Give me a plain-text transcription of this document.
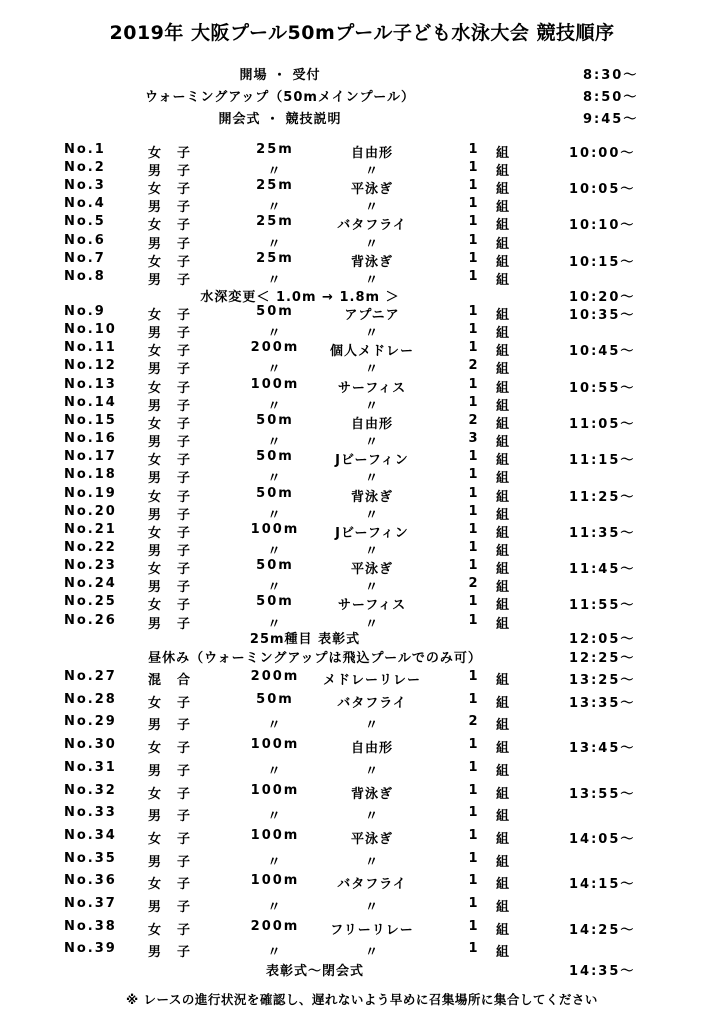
2019年 大阪プール50mプール子ども水泳大会 競技順序
開場 ・ 受付	8:30～
ウォーミングアップ（50mメインプール）	8:50～
開会式 ・ 競技説明	9:45～
No.1	女子	25m	自由形	1 組	10:00～
No.2	男子	〃	〃	1 組
No.3	女子	25m	平泳ぎ	1 組	10:05～
No.4	男子	〃	〃	1 組
No.5	女子	25m	バタフライ	1 組	10:10～
No.6	男子	〃	〃	1 組
No.7	女子	25m	背泳ぎ	1 組	10:15～
No.8	男子	〃	〃	1 組
水深変更＜ 1.0m → 1.8m ＞	10:20～
No.9	女子	50m	アプニア	1 組	10:35～
No.10 男子	〃	〃	1 組
No.11 女子	200m	個人メドレー	1 組	10:45～
No.12 男子	〃	〃	2 組
No.13 女子	100m	サーフィス	1 組	10:55～
No.14 男子	〃	〃	1 組
No.15 女子	50m	自由形	2 組	11:05～
No.16 男子	〃	〃	3 組
No.17 女子	50m	Jビーフィン	1 組	11:15～
No.18 男子	〃	〃	1 組
No.19 女子	50m	背泳ぎ	1 組	11:25～
No.20 男子	〃	〃	1 組
No.21 女子	100m	Jビーフィン	1 組	11:35～
No.22 男子	〃	〃	1 組
No.23 女子	50m	平泳ぎ	1 組	11:45～
No.24 男子	〃	〃	2 組
No.25 女子	50m	サーフィス	1 組	11:55～
No.26 男子	〃	〃	1 組
25m種目 表彰式	12:05～
昼休み（ウォーミングアップは飛込プールでのみ可）	12:25～
No.27 混合	200m	メドレーリレー	1 組	13:25～
No.28 女子	50m	バタフライ	1 組	13:35～
No.29 男子	〃	〃	2 組
No.30 女子	100m	自由形	1 組	13:45～
No.31 男子	〃	〃	1 組
No.32 女子	100m	背泳ぎ	1 組	13:55～
No.33 男子	〃	〃	1 組
No.34 女子	100m	平泳ぎ	1 組	14:05～
No.35 男子	〃	〃	1 組
No.36 女子	100m	バタフライ	1 組	14:15～
No.37 男子	〃	〃	1 組
No.38 女子	200m	フリーリレー	1 組	14:25～
No.39 男子	〃	〃	1 組
表彰式～閉会式	14:35～
※ レースの進行状況を確認し、遅れないよう早めに召集場所に集合してください
